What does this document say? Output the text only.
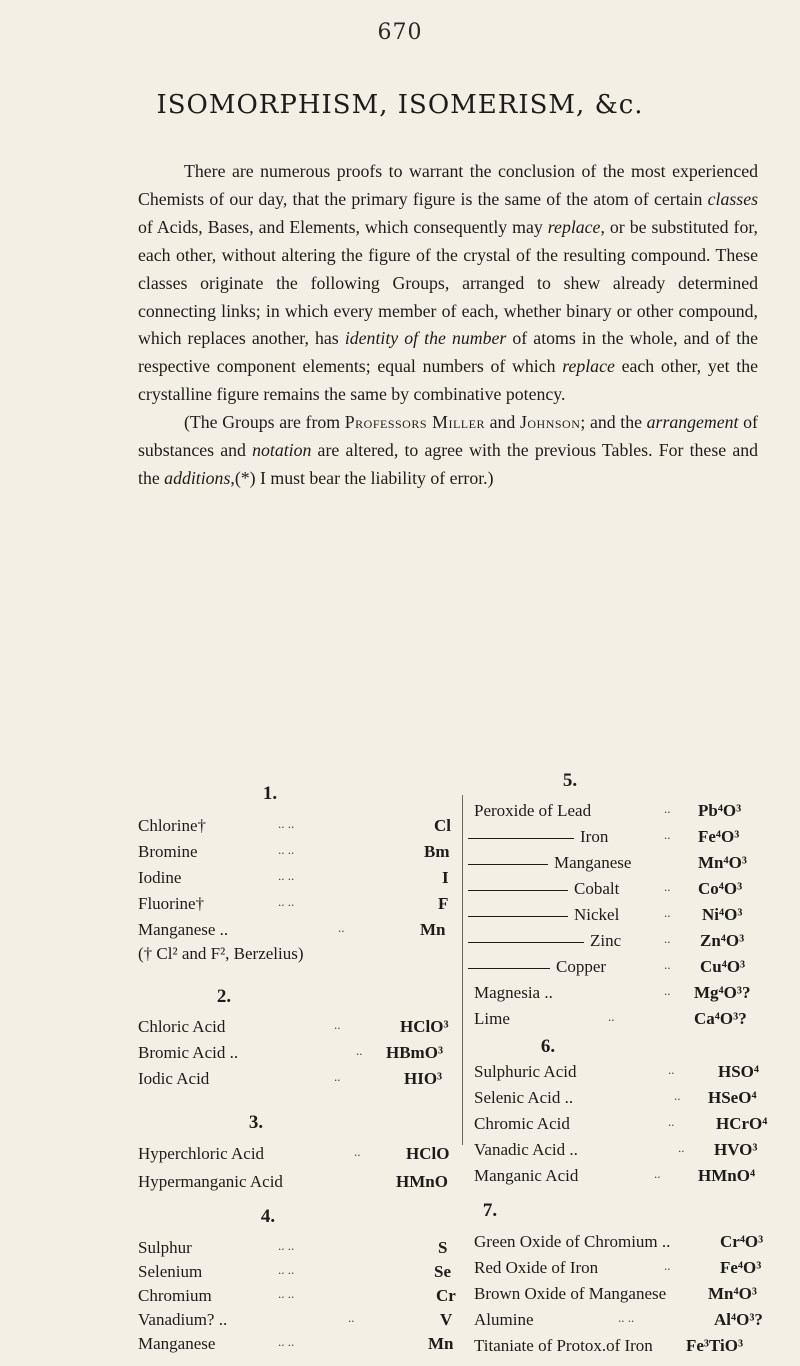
670
ISOMORPHISM, ISOMERISM, &c.

There are numerous proofs to warrant the conclusion of the most experienced Chemists of our day, that the primary figure is the same of the atom of certain classes of Acids, Bases, and Elements, which consequently may replace, or be substituted for, each other, without altering the figure of the crystal of the resulting compound. These classes originate the following Groups, arranged to shew already determined connecting links; in which every member of each, whether binary or other compound, which replaces another, has identity of the number of atoms in the whole, and of the respective component elements; equal numbers of which replace each other, yet the crystalline figure remains the same by combinative potency.

(The Groups are from Professors Miller and Johnson; and the arrangement of substances and notation are altered, to agree with the previous Tables. For these and the additions,(*) I must bear the liability of error.)

1.
Chlorine†	.. ..	Cl
Bromine	.. ..	Bm
Iodine	.. ..	I
Fluorine†	.. ..	F
Manganese ..	..	Mn
(† Cl² and F², Berzelius)
2.
Chloric Acid	..	HClO³
Bromic Acid ..	.. HBmO³
Iodic Acid	..	HIO³
3.
Hyperchloric Acid	..	HClO
Hypermanganic Acid	HMnO
4.
Sulphur	.. ..	S
Selenium	.. ..	Se
Chromium	.. ..	Cr
Vanadium? ..	..	V
Manganese	.. ..	Mn
5.
Peroxide of Lead	.. Pb⁴O³
Iron	.. Fe⁴O³
Manganese	Mn⁴O³
Cobalt	.. Co⁴O³
Nickel	.. Ni⁴O³
Zinc	.. Zn⁴O³
Copper	.. Cu⁴O³
Magnesia ..	.. Mg⁴O³?
Lime	..	Ca⁴O³?
6.
Sulphuric Acid	..	HSO⁴
Selenic Acid ..	.. HSeO⁴
Chromic Acid	.. HCrO⁴
Vanadic Acid ..	.. HVO³
Manganic Acid	.. HMnO⁴
7.
Green Oxide of Chromium ..	Cr⁴O³
Red Oxide of Iron	..	Fe⁴O³
Brown Oxide of Manganese Mn⁴O³
Alumine	.. ..	Al⁴O³?
Titaniate of Protox.of Iron Fe³TiO³
